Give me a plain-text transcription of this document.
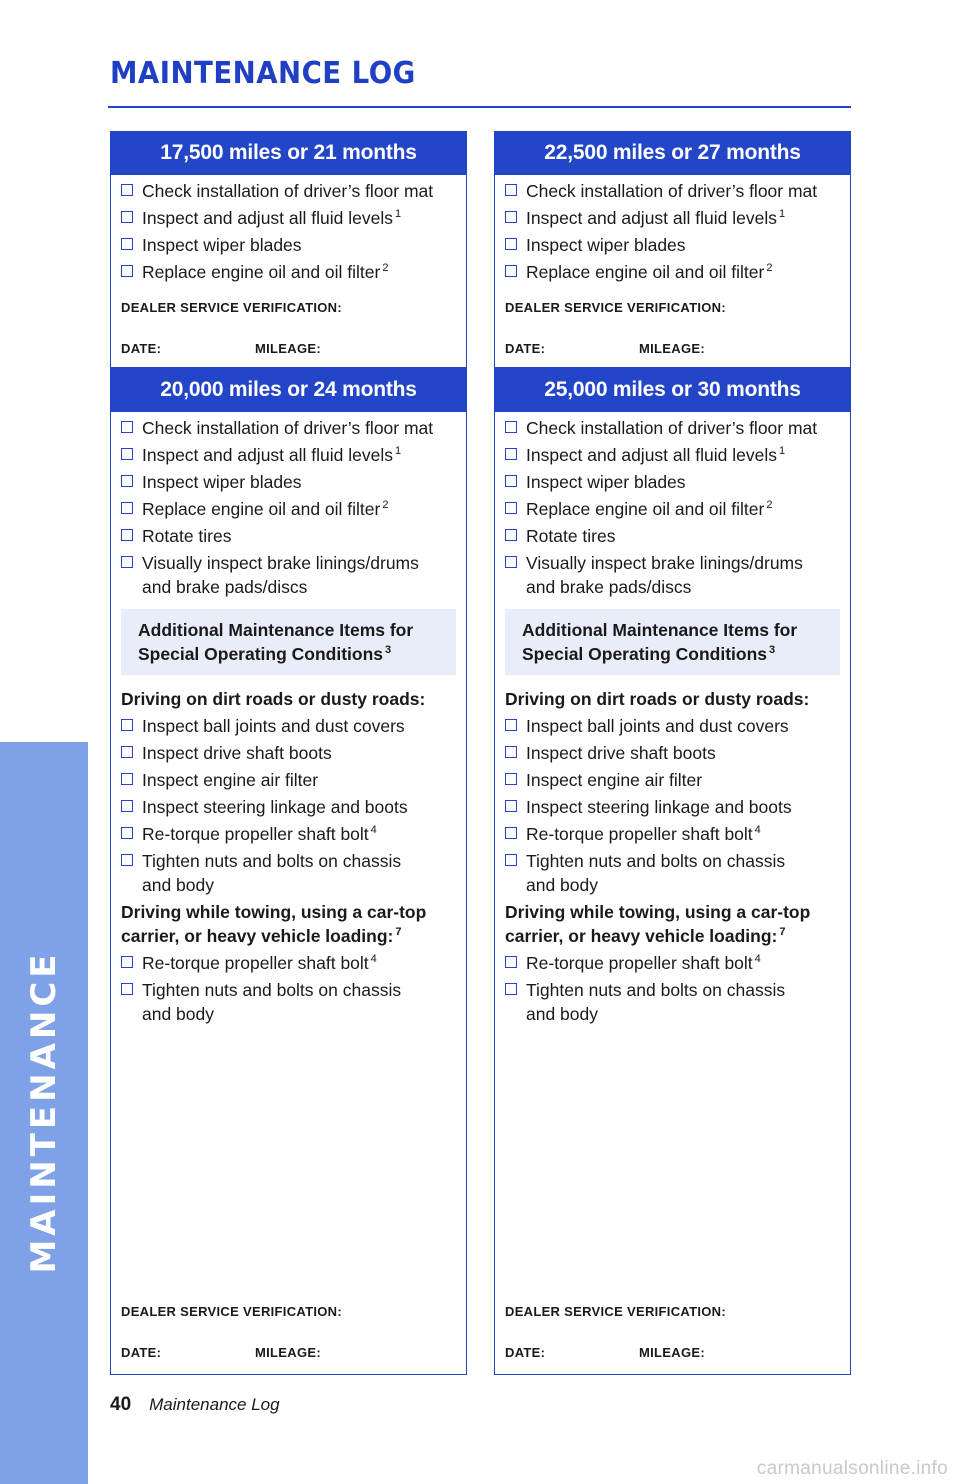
MAINTENANCE LOG
MAINTENANCE
17,500 miles or 21 months
Check installation of driver’s floor mat
Inspect and adjust all fluid levels $^1$
Inspect wiper blades
Replace engine oil and oil filter $^2$
DEALER SERVICE VERIFICATION:
DATE:	MILEAGE:
20,000 miles or 24 months
Check installation of driver’s floor mat
Inspect and adjust all fluid levels $^1$
Inspect wiper blades
Replace engine oil and oil filter $^2$
Rotate tires
Visually inspect brake linings/drums
and brake pads/discs
Additional Maintenance Items for
Special Operating Conditions $^3$
Driving on dirt roads or dusty roads:
Inspect ball joints and dust covers
Inspect drive shaft boots
Inspect engine air filter
Inspect steering linkage and boots
Re-torque propeller shaft bolt $^4$
Tighten nuts and bolts on chassis
and body
Driving while towing, using a car-top
carrier, or heavy vehicle loading: $^7$
Re-torque propeller shaft bolt $^4$
Tighten nuts and bolts on chassis
and body
DEALER SERVICE VERIFICATION:
DATE:	MILEAGE:
22,500 miles or 27 months
Check installation of driver’s floor mat
Inspect and adjust all fluid levels $^1$
Inspect wiper blades
Replace engine oil and oil filter $^2$
DEALER SERVICE VERIFICATION:
DATE:	MILEAGE:
25,000 miles or 30 months
Check installation of driver’s floor mat
Inspect and adjust all fluid levels $^1$
Inspect wiper blades
Replace engine oil and oil filter $^2$
Rotate tires
Visually inspect brake linings/drums
and brake pads/discs
Additional Maintenance Items for
Special Operating Conditions $^3$
Driving on dirt roads or dusty roads:
Inspect ball joints and dust covers
Inspect drive shaft boots
Inspect engine air filter
Inspect steering linkage and boots
Re-torque propeller shaft bolt $^4$
Tighten nuts and bolts on chassis
and body
Driving while towing, using a car-top
carrier, or heavy vehicle loading: $^7$
Re-torque propeller shaft bolt $^4$
Tighten nuts and bolts on chassis
and body
DEALER SERVICE VERIFICATION:
DATE:	MILEAGE:
40 Maintenance Log
carmanualsonline.info
